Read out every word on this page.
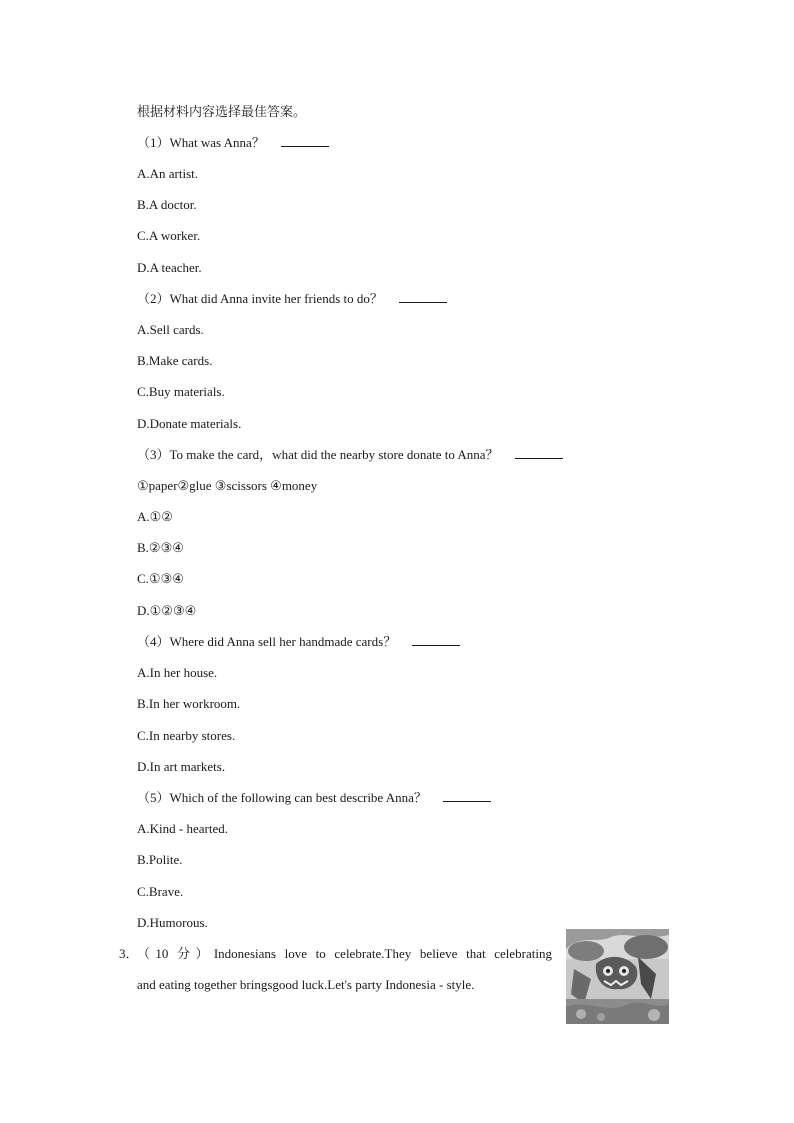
根据材料内容选择最佳答案。
（1）What was Anna？
A.An artist.
B.A doctor.
C.A worker.
D.A teacher.
（2）What did Anna invite her friends to do？
A.Sell cards.
B.Make cards.
C.Buy materials.
D.Donate materials.
（3）To make the card，what did the nearby store donate to Anna？
①paper②glue ③scissors ④money
A.①②
B.②③④
C.①③④
D.①②③④
（4）Where did Anna sell her handmade cards？
A.In her house.
B.In her workroom.
C.In nearby stores.
D.In art markets.
（5）Which of the following can best describe Anna？
A.Kind ‑ hearted.
B.Polite.
C.Brave.
D.Humorous.
3．
（10 分）Indonesians love to celebrate.They believe that celebrating
and eating together bringsgood luck.Let's party Indonesia ‑ style.
